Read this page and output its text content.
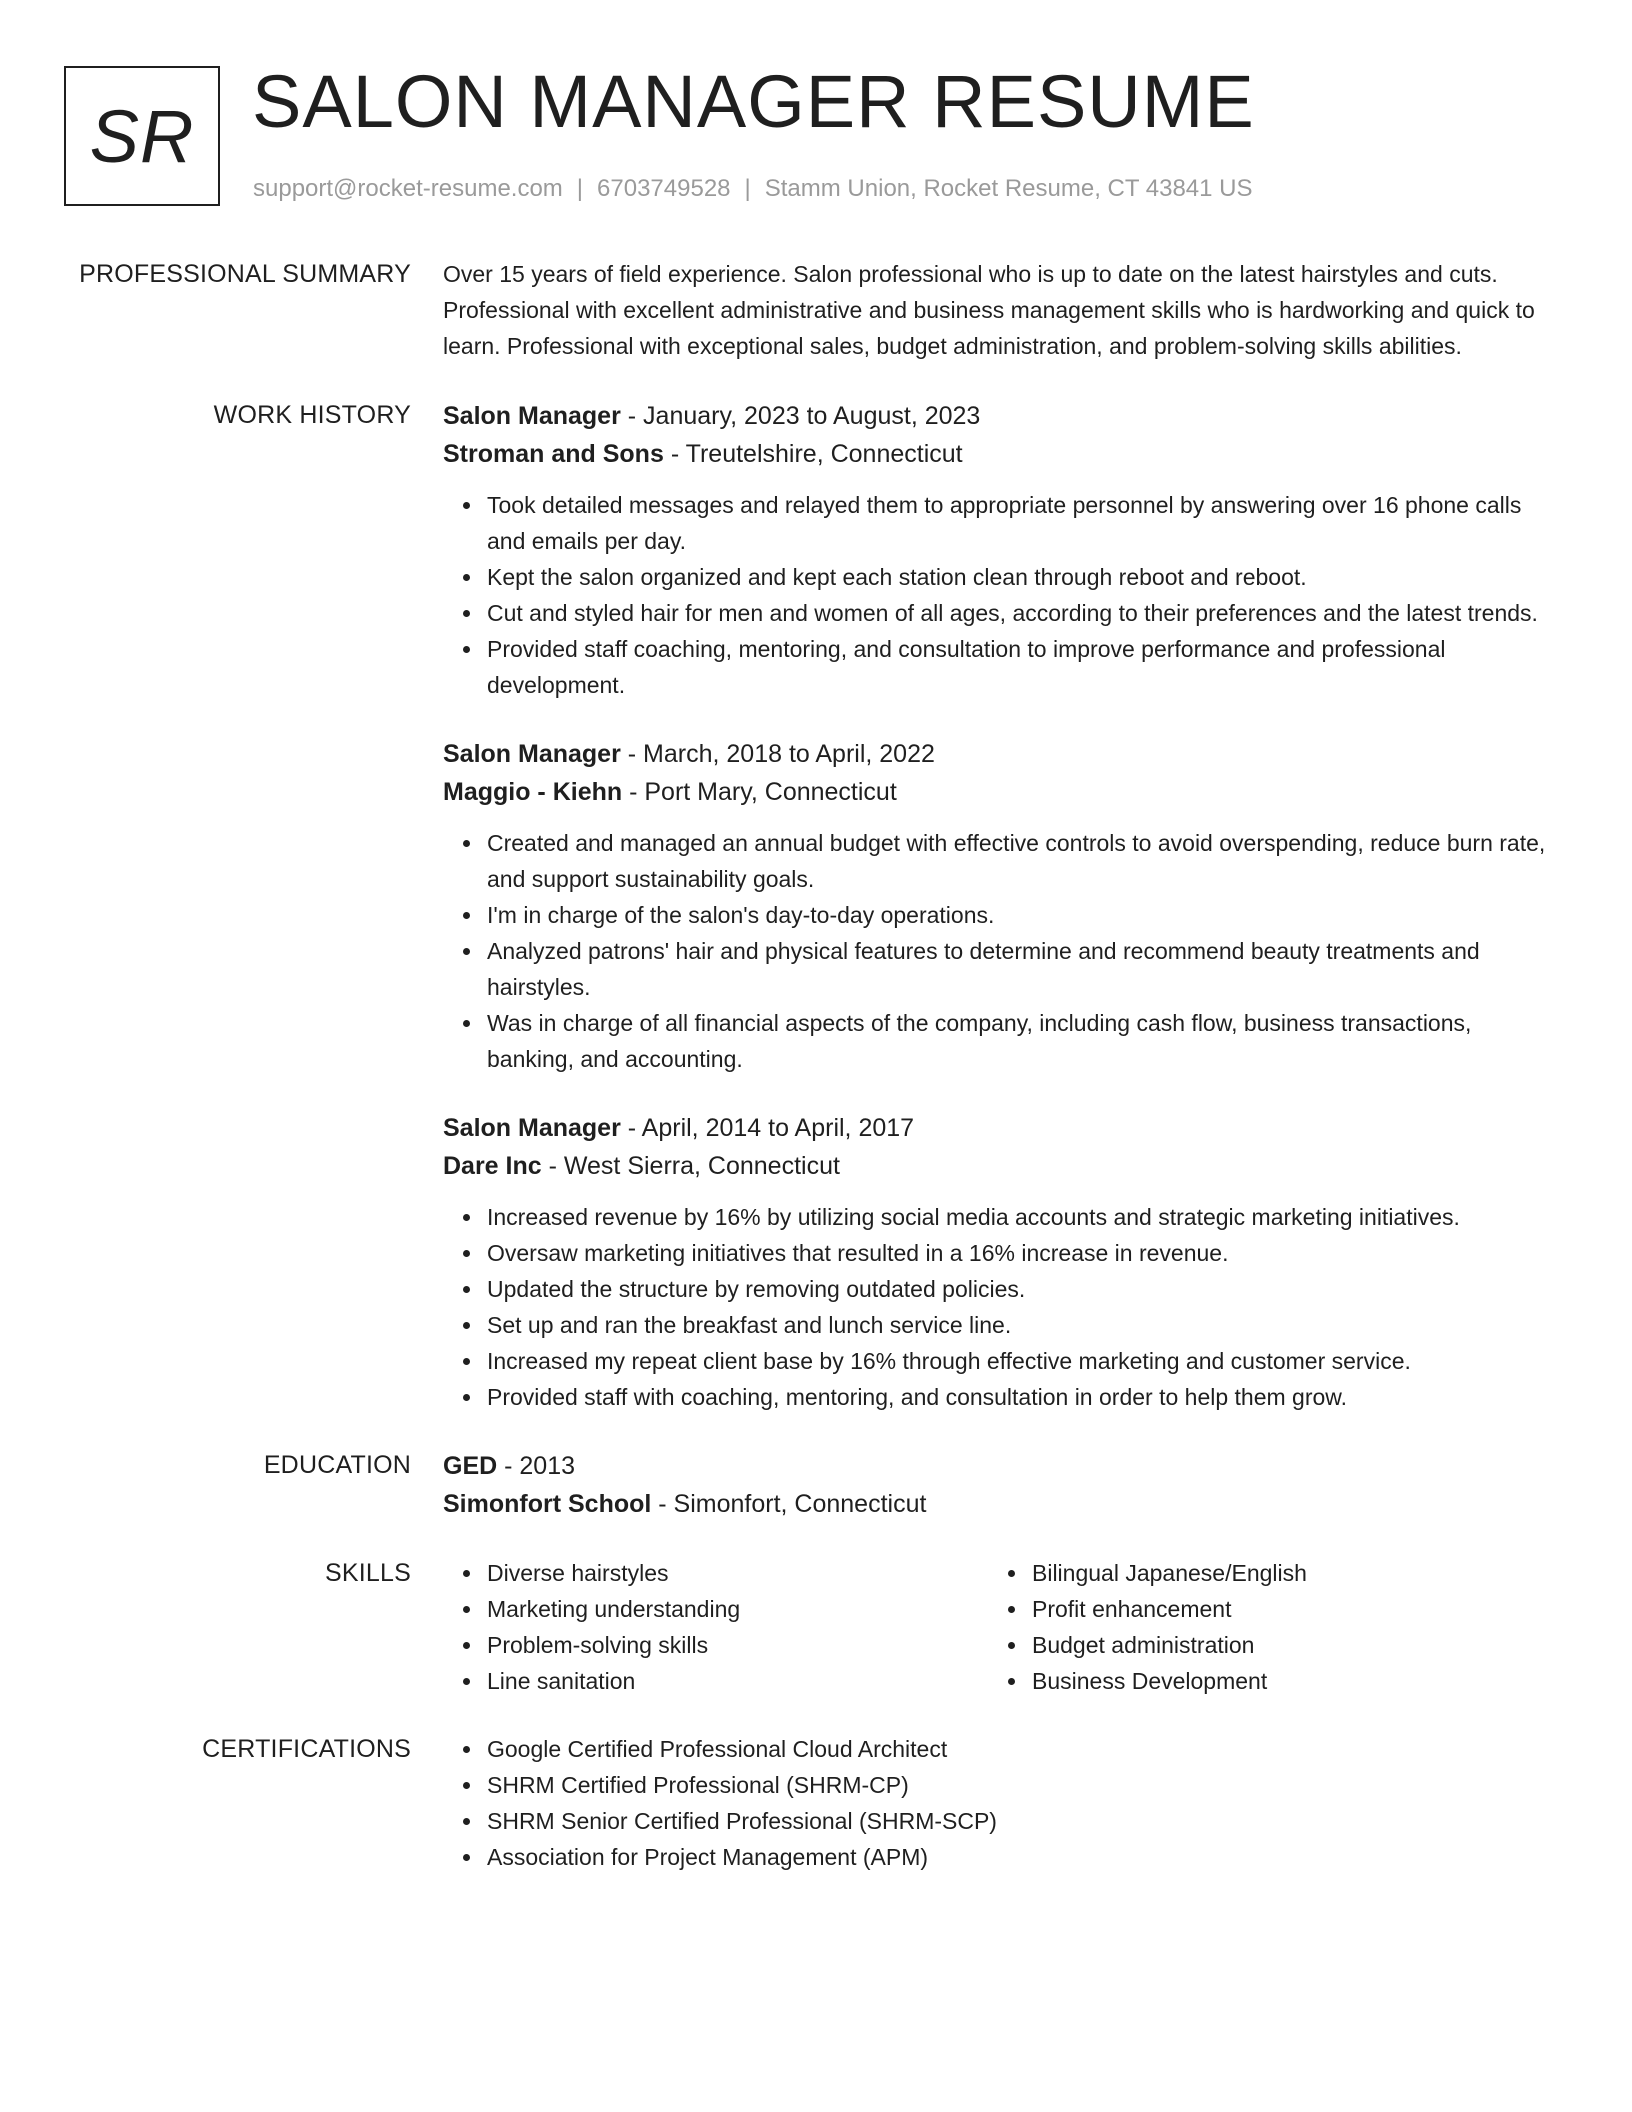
SR SALON MANAGER RESUME
support@rocket-resume.com | 6703749528 | Stamm Union, Rocket Resume, CT 43841 US
PROFESSIONAL SUMMARY Over 15 years of field experience. Salon professional who is up to date on the latest hairstyles and cuts. Professional with excellent administrative and business management skills who is hardworking and quick to learn. Professional with exceptional sales, budget administration, and problem-solving skills abilities.

WORK HISTORY Salon Manager - January, 2023 to August, 2023
Stroman and Sons - Treutelshire, Connecticut
Took detailed messages and relayed them to appropriate personnel by answering over 16 phone calls and emails per day.
Kept the salon organized and kept each station clean through reboot and reboot.
Cut and styled hair for men and women of all ages, according to their preferences and the latest trends.
Provided staff coaching, mentoring, and consultation to improve performance and professional development.
Salon Manager - March, 2018 to April, 2022
Maggio - Kiehn - Port Mary, Connecticut
Created and managed an annual budget with effective controls to avoid overspending, reduce burn rate, and support sustainability goals.
I'm in charge of the salon's day-to-day operations.
Analyzed patrons' hair and physical features to determine and recommend beauty treatments and hairstyles.
Was in charge of all financial aspects of the company, including cash flow, business transactions, banking, and accounting.
Salon Manager - April, 2014 to April, 2017
Dare Inc - West Sierra, Connecticut
Increased revenue by 16% by utilizing social media accounts and strategic marketing initiatives.
Oversaw marketing initiatives that resulted in a 16% increase in revenue.
Updated the structure by removing outdated policies.
Set up and ran the breakfast and lunch service line.
Increased my repeat client base by 16% through effective marketing and customer service.
Provided staff with coaching, mentoring, and consultation in order to help them grow.
EDUCATION GED - 2013
Simonfort School - Simonfort, Connecticut
SKILLS	Diverse hairstyles
Marketing understanding
Problem-solving skills
Line sanitation
Bilingual Japanese/English
Profit enhancement
Budget administration
Business Development
CERTIFICATIONS	Google Certified Professional Cloud Architect
SHRM Certified Professional (SHRM-CP)
SHRM Senior Certified Professional (SHRM-SCP)
Association for Project Management (APM)
